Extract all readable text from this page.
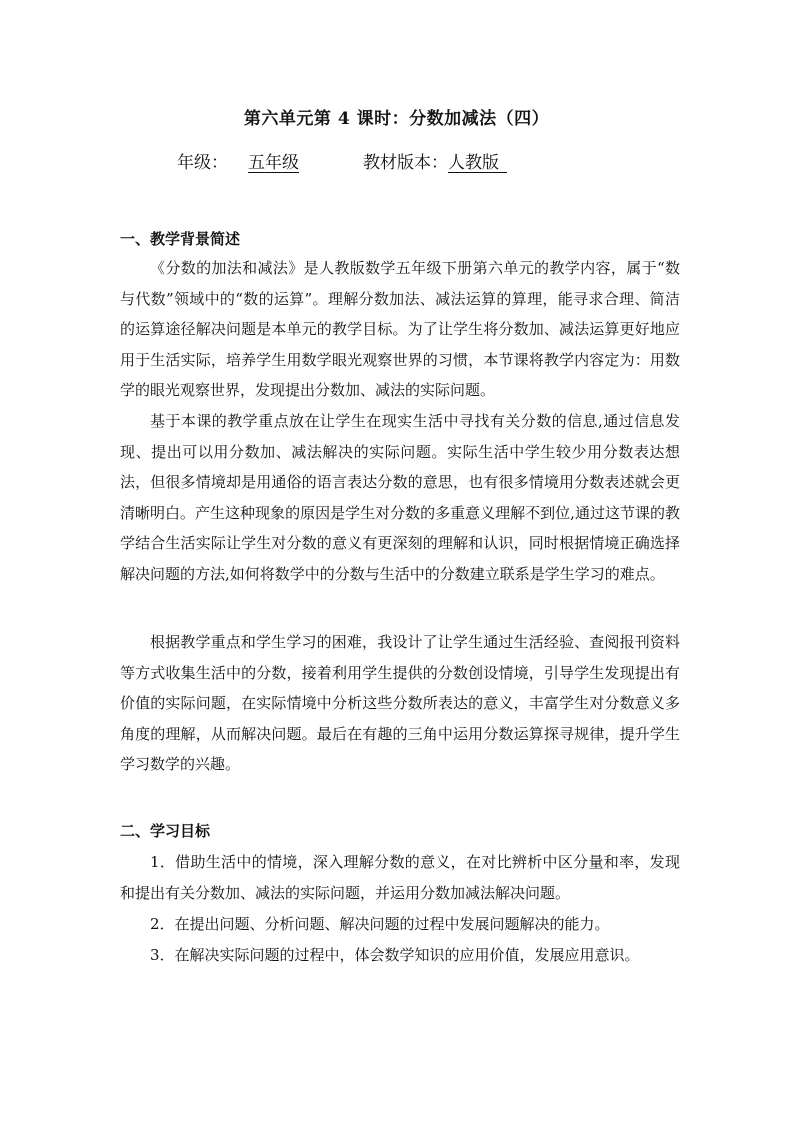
第六单元第 4 课时：分数加减法（四）
年级： 五年级	教材版本： 人教版
一、教学背景简述
《分数的加法和减法》是人教版数学五年级下册第六单元的教学内容，属于“数与代数”领域中的“数的运算”。理解分数加法、减法运算的算理，能寻求合理、简洁的运算途径解决问题是本单元的教学目标。为了让学生将分数加、减法运算更好地应用于生活实际，培养学生用数学眼光观察世界的习惯，本节课将教学内容定为：用数学的眼光观察世界，发现提出分数加、减法的实际问题。
基于本课的教学重点放在让学生在现实生活中寻找有关分数的信息,通过信息发现、提出可以用分数加、减法解决的实际问题。实际生活中学生较少用分数表达想法，但很多情境却是用通俗的语言表达分数的意思，也有很多情境用分数表述就会更清晰明白。产生这种现象的原因是学生对分数的多重意义理解不到位,通过这节课的教学结合生活实际让学生对分数的意义有更深刻的理解和认识，同时根据情境正确选择解决问题的方法,如何将数学中的分数与生活中的分数建立联系是学生学习的难点。
根据教学重点和学生学习的困难，我设计了让学生通过生活经验、查阅报刊资料等方式收集生活中的分数，接着利用学生提供的分数创设情境，引导学生发现提出有价值的实际问题，在实际情境中分析这些分数所表达的意义，丰富学生对分数意义多角度的理解，从而解决问题。最后在有趣的三角中运用分数运算探寻规律，提升学生学习数学的兴趣。
二、学习目标
1．借助生活中的情境，深入理解分数的意义，在对比辨析中区分量和率，发现和提出有关分数加、减法的实际问题，并运用分数加减法解决问题。
2．在提出问题、分析问题、解决问题的过程中发展问题解决的能力。
3．在解决实际问题的过程中，体会数学知识的应用价值，发展应用意识。
